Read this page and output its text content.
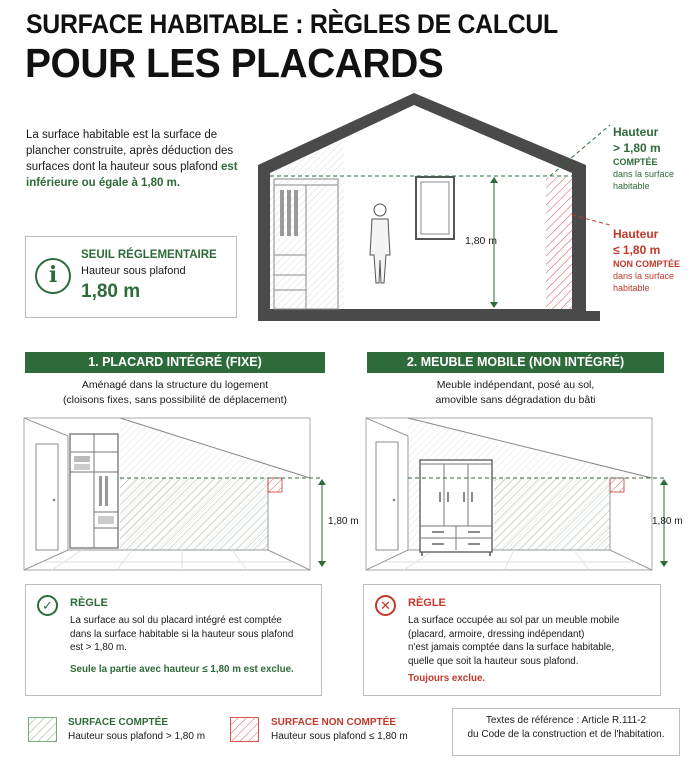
SURFACE HABITABLE : RÈGLES DE CALCUL
POUR LES PLACARDS
La surface habitable est la surface de plancher construite, après déduction des surfaces dont la hauteur sous plafond est inférieure ou égale à 1,80 m.
i
SEUIL RÉGLEMENTAIRE
Hauteur sous plafond
1,80 m
1,80 m
Hauteur
> 1,80 m
COMPTÉE
dans la surface
habitable
Hauteur
≤ 1,80 m
NON COMPTÉE
dans la surface
habitable
1. PLACARD INTÉGRÉ (FIXE)	2. MEUBLE MOBILE (NON INTÉGRÉ)
Aménagé dans la structure du logement
(cloisons fixes, sans possibilité de déplacement)
Meuble indépendant, posé au sol,
amovible sans dégradation du bâti
1,80 m	1,80 m
✓	RÈGLE
La surface au sol du placard intégré est comptée
dans la surface habitable si la hauteur sous plafond
est > 1,80 m.
Seule la partie avec hauteur ≤ 1,80 m est exclue.
✕	RÈGLE
La surface occupée au sol par un meuble mobile
(placard, armoire, dressing indépendant)
n'est jamais comptée dans la surface habitable,
quelle que soit la hauteur sous plafond.
Toujours exclue.
SURFACE COMPTÉE
Hauteur sous plafond > 1,80 m
SURFACE NON COMPTÉE
Hauteur sous plafond ≤ 1,80 m
Textes de référence : Article R.111-2
du Code de la construction et de l'habitation.
